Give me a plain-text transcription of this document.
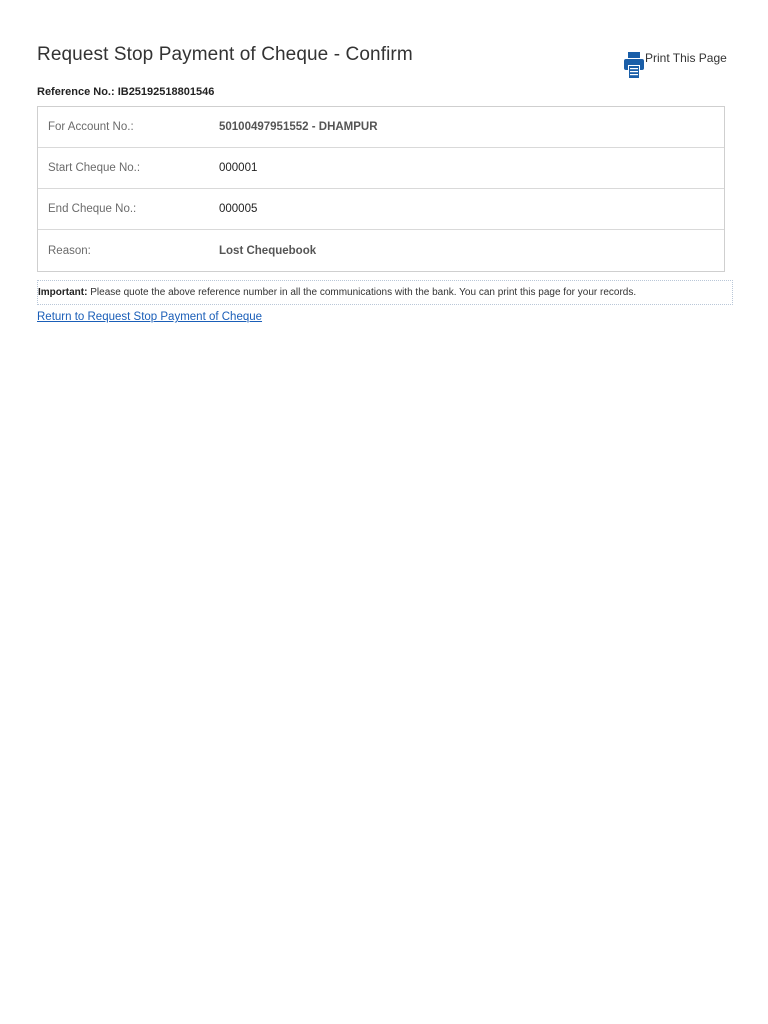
Request Stop Payment of Cheque - Confirm	Print This Page
Reference No.: IB25192518801546
For Account No.:	50100497951552 - DHAMPUR
Start Cheque No.:	000001
End Cheque No.:	000005
Reason:	Lost Chequebook
Important: Please quote the above reference number in all the communications with the bank. You can print this page for your records.
Return to Request Stop Payment of Cheque
